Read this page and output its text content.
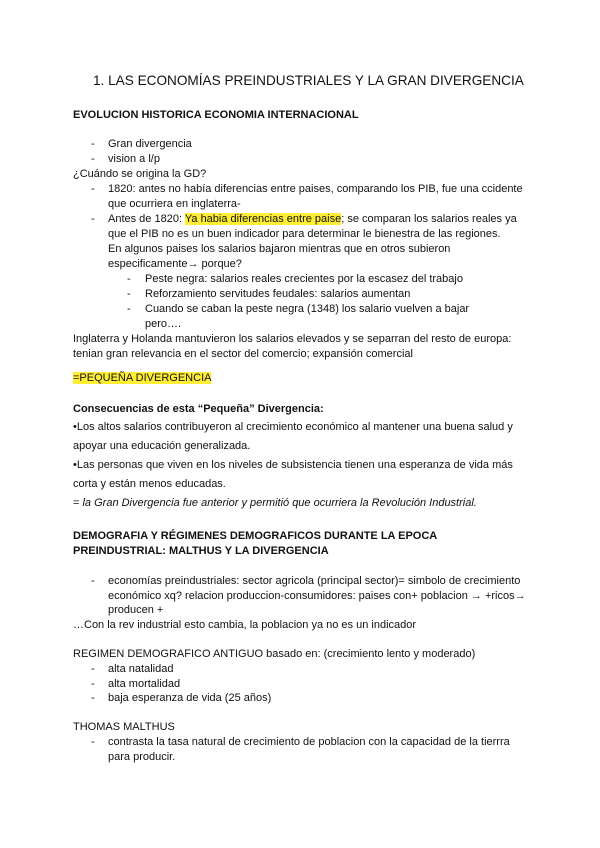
1. LAS ECONOMÍAS PREINDUSTRIALES Y LA GRAN DIVERGENCIA
EVOLUCION HISTORICA ECONOMIA INTERNACIONAL
- Gran divergencia
- vision a l/p
¿Cuándo se origina la GD?
- 1820: antes no había diferencias entre paises, comparando los PIB, fue una ccidente
que ocurriera en inglaterra-
- Antes de 1820: Ya habia diferencias entre paise; se comparan los salarios reales ya
que el PIB no es un buen indicador para determinar le bienestra de las regiones.
En algunos paises los salarios bajaron mientras que en otros subieron
especificamente→ porque?
- Peste negra: salarios reales crecientes por la escasez del trabajo
- Reforzamiento servitudes feudales: salarios aumentan
- Cuando se caban la peste negra (1348) los salario vuelven a bajar
pero….
Inglaterra y Holanda mantuvieron los salarios elevados y se separran del resto de europa:
tenian gran relevancia en el sector del comercio; expansión comercial
=PEQUEÑA DIVERGENCIA
Consecuencias de esta “Pequeña” Divergencia:
•Los altos salarios contribuyeron al crecimiento económico al mantener una buena salud y
apoyar una educación generalizada.
•Las personas que viven en los niveles de subsistencia tienen una esperanza de vida más
corta y están menos educadas.
= la Gran Divergencia fue anterior y permitió que ocurriera la Revolución Industrial.
DEMOGRAFIA Y RÉGIMENES DEMOGRAFICOS DURANTE LA EPOCA
PREINDUSTRIAL: MALTHUS Y LA DIVERGENCIA
- economías preindustriales: sector agricola (principal sector)= simbolo de crecimiento
económico xq? relacion produccion-consumidores: paises con+ poblacion → +ricos→
producen +
…Con la rev industrial esto cambia, la poblacion ya no es un indicador
REGIMEN DEMOGRAFICO ANTIGUO basado en: (crecimiento lento y moderado)
- alta natalidad
- alta mortalidad
- baja esperanza de vida (25 años)
THOMAS MALTHUS
- contrasta la tasa natural de crecimiento de poblacion con la capacidad de la tierrra
para producir.
